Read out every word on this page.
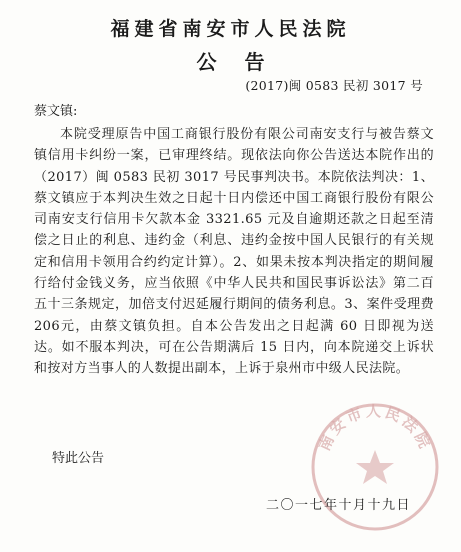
福建省南安市人民法院
公告
(2017)闽 0583 民初 3017 号
蔡文镇:
本院受理原告中国工商银行股份有限公司南安支行与被告蔡文镇信用卡纠纷一案，已审理终结。现依法向你公告送达本院作出的（2017）闽 0583 民初 3017 号民事判决书。本院依法判决：1、蔡文镇应于本判决生效之日起十日内偿还中国工商银行股份有限公司南安支行信用卡欠款本金 3321.65 元及自逾期还款之日起至清偿之日止的利息、违约金（利息、违约金按中国人民银行的有关规定和信用卡领用合约约定计算）。2、如果未按本判决指定的期间履行给付金钱义务，应当依照《中华人民共和国民事诉讼法》第二百五十三条规定，加倍支付迟延履行期间的债务利息。3、案件受理费 206元，由蔡文镇负担。自本公告发出之日起满 60 日即视为送达。如不服本判决，可在公告期满后 15 日内，向本院递交上诉状和按对方当事人的人数提出副本，上诉于泉州市中级人民法院。
特此公告
南安市人民法院
二〇一七年十月十九日
